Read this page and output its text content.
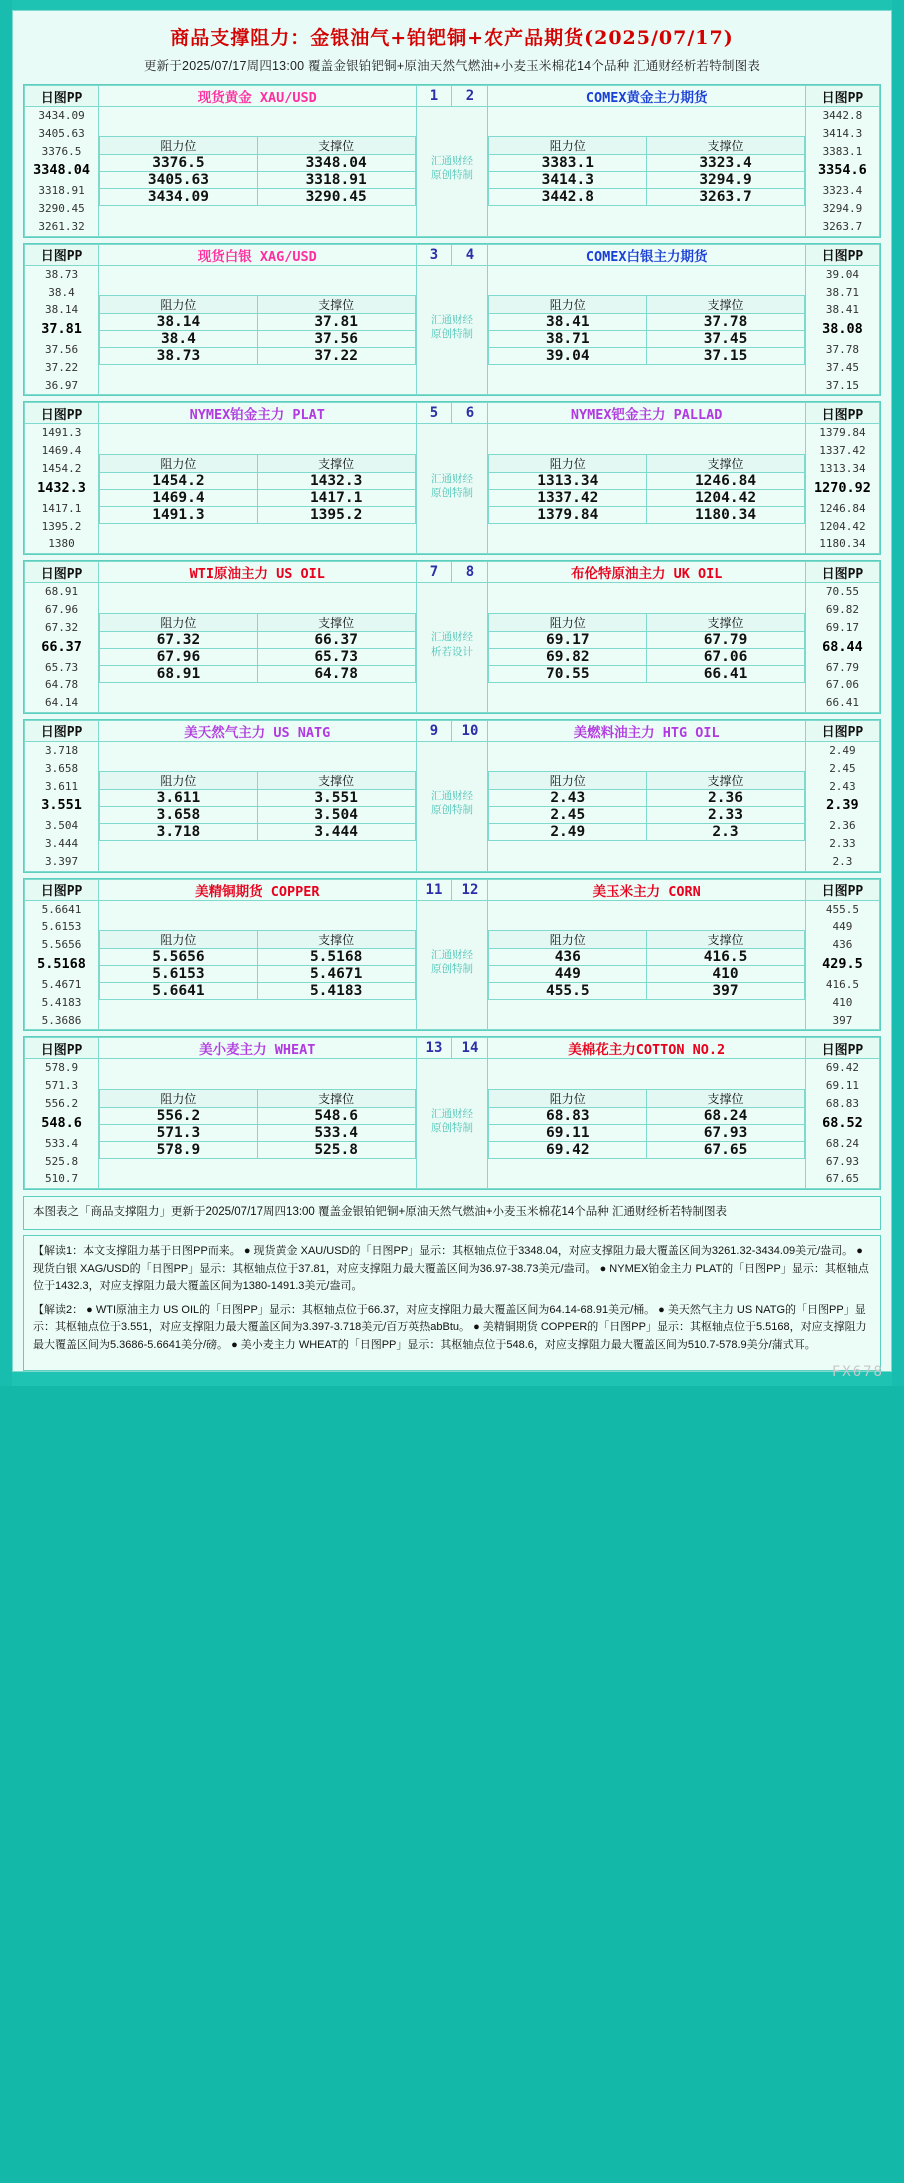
商品支撑阻力：金银油气+铂钯铜+农产品期货(2025/07/17)
更新于2025/07/17周四13:00 覆盖金银铂钯铜+原油天然气燃油+小麦玉米棉花14个品种 汇通财经析若特制图表
日图PP	现货黄金 XAU/USD	1	2	COMEX黄金主力期货	日图PP

3434.09
3405.63
3376.5
3348.04
3318.91
3290.45
3261.32

阻力位	支撑位
3376.5	3348.04
3405.63	3318.91
3434.09	3290.45

汇通财经
原创特制

阻力位	支撑位
3383.1	3323.4
3414.3	3294.9
3442.8	3263.7

3442.8
3414.3
3383.1
3354.6
3323.4
3294.9
3263.7
日图PP	现货白银 XAG/USD	3	4	COMEX白银主力期货	日图PP

38.73
38.4
38.14
37.81
37.56
37.22
36.97

阻力位	支撑位
38.14	37.81
38.4	37.56
38.73	37.22

汇通财经
原创特制

阻力位	支撑位
38.41	37.78
38.71	37.45
39.04	37.15

39.04
38.71
38.41
38.08
37.78
37.45
37.15
日图PP	NYMEX铂金主力 PLAT	5	6	NYMEX钯金主力 PALLAD	日图PP

1491.3
1469.4
1454.2
1432.3
1417.1
1395.2
1380

阻力位	支撑位
1454.2	1432.3
1469.4	1417.1
1491.3	1395.2

汇通财经
原创特制

阻力位	支撑位
1313.34	1246.84
1337.42	1204.42
1379.84	1180.34

1379.84
1337.42
1313.34
1270.92
1246.84
1204.42
1180.34
日图PP	WTI原油主力 US OIL	7	8	布伦特原油主力 UK OIL	日图PP

68.91
67.96
67.32
66.37
65.73
64.78
64.14

阻力位	支撑位
67.32	66.37
67.96	65.73
68.91	64.78

汇通财经
析若设计

阻力位	支撑位
69.17	67.79
69.82	67.06
70.55	66.41

70.55
69.82
69.17
68.44
67.79
67.06
66.41
日图PP	美天然气主力 US NATG	9	10	美燃料油主力 HTG OIL	日图PP

3.718
3.658
3.611
3.551
3.504
3.444
3.397

阻力位	支撑位
3.611	3.551
3.658	3.504
3.718	3.444

汇通财经
原创特制

阻力位	支撑位
2.43	2.36
2.45	2.33
2.49	2.3

2.49
2.45
2.43
2.39
2.36
2.33
2.3
日图PP	美精铜期货 COPPER	11	12	美玉米主力 CORN	日图PP

5.6641
5.6153
5.5656
5.5168
5.4671
5.4183
5.3686

阻力位	支撑位
5.5656	5.5168
5.6153	5.4671
5.6641	5.4183

汇通财经
原创特制

阻力位	支撑位
436	416.5
449	410
455.5	397

455.5
449
436
429.5
416.5
410
397
日图PP	美小麦主力 WHEAT	13	14	美棉花主力COTTON NO.2	日图PP

578.9
571.3
556.2
548.6
533.4
525.8
510.7

阻力位	支撑位
556.2	548.6
571.3	533.4
578.9	525.8

汇通财经
原创特制

阻力位	支撑位
68.83	68.24
69.11	67.93
69.42	67.65

69.42
69.11
68.83
68.52
68.24
67.93
67.65
本图表之「商品支撑阻力」更新于2025/07/17周四13:00 覆盖金银铂钯铜+原油天然气燃油+小麦玉米棉花14个品种 汇通财经析若特制图表

【解读1：本文支撑阻力基于日图PP而来。 ● 现货黄金 XAU/USD的「日图PP」显示：其枢轴点位于3348.04，对应支撑阻力最大覆盖区间为3261.32-3434.09美元/盎司。 ● 现货白银 XAG/USD的「日图PP」显示：其枢轴点位于37.81，对应支撑阻力最大覆盖区间为36.97-38.73美元/盎司。 ● NYMEX铂金主力 PLAT的「日图PP」显示：其枢轴点位于1432.3，对应支撑阻力最大覆盖区间为1380-1491.3美元/盎司。

【解读2： ● WTI原油主力 US OIL的「日图PP」显示：其枢轴点位于66.37，对应支撑阻力最大覆盖区间为64.14-68.91美元/桶。 ● 美天然气主力 US NATG的「日图PP」显示：其枢轴点位于3.551，对应支撑阻力最大覆盖区间为3.397-3.718美元/百万英热abBtu。 ● 美精铜期货 COPPER的「日图PP」显示：其枢轴点位于5.5168，对应支撑阻力最大覆盖区间为5.3686-5.6641美分/磅。 ● 美小麦主力 WHEAT的「日图PP」显示：其枢轴点位于548.6，对应支撑阻力最大覆盖区间为510.7-578.9美分/蒲式耳。

FX678
